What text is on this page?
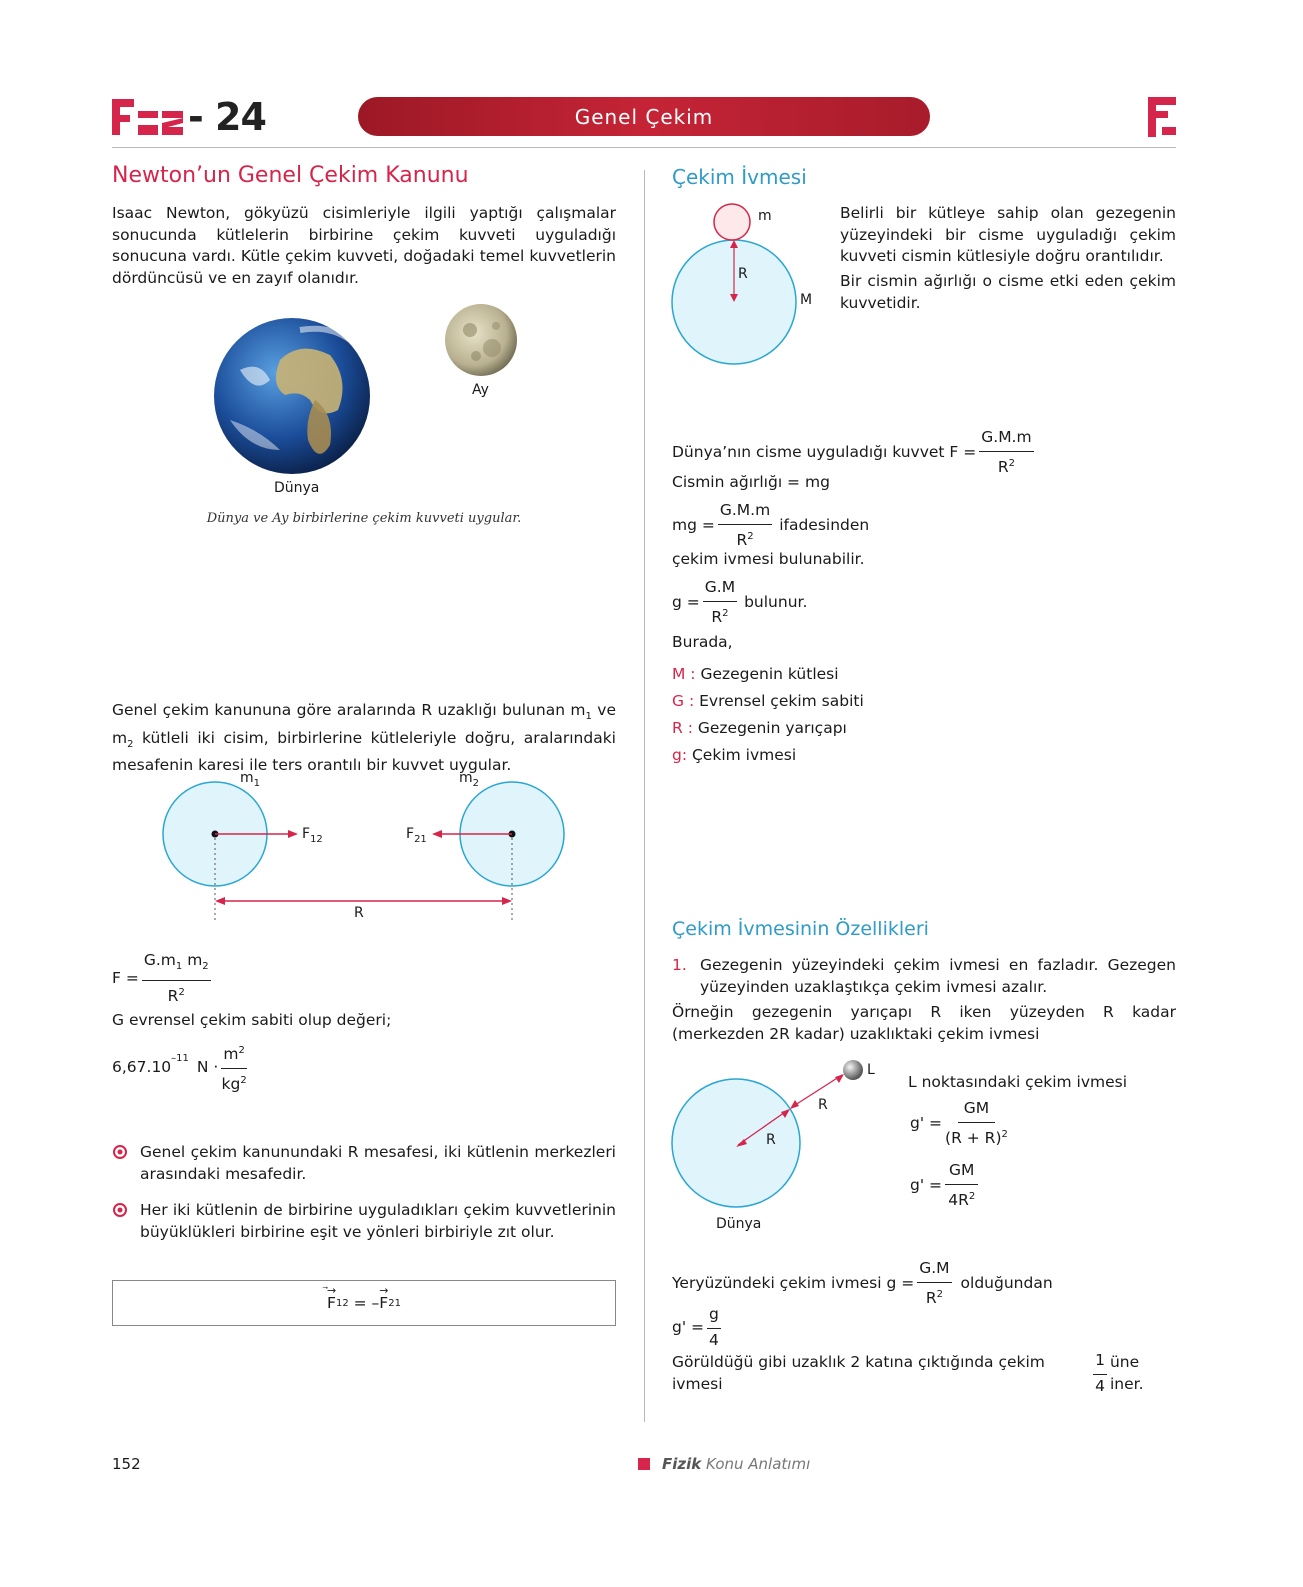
- 24	Genel Çekim
Newton’un Genel Çekim Kanunu
Isaac Newton, gökyüzü cisimleriyle ilgili yaptığı çalışmalar sonucunda kütlelerin birbirine çekim kuvveti uyguladığı sonucuna vardı. Kütle çekim kuvveti, doğadaki temel kuvvetlerin dördüncüsü ve en zayıf olanıdır.
Ay
Dünya
Dünya ve Ay birbirlerine çekim kuvveti uygular.
Genel çekim kanununa göre aralarında R uzaklığı bulunan $m_1$ ve $m_2$ kütleli iki cisim, birbirlerine kütleleriyle doğru, aralarındaki mesafenin karesi ile ters orantılı bir kuvvet uygular.
$m_1$	$m_2$
$F_{12}$	$F_{21}$
R
$F = \frac{G.m_1 m_2}{R^2}$
G evrensel çekim sabiti olup değeri;
$6,67.10^{-11}$ $N \cdot \frac{m^2}{kg^2}$
Genel çekim kanunundaki R mesafesi, iki kütlenin merkezleri arasındaki mesafedir.
Her iki kütlenin de birbirine uyguladıkları çekim kuvvetlerinin büyüklükleri birbirine eşit ve yönleri birbiriyle zıt olur.
→
F 12 = –
→
F 21
Çekim İvmesi
m
R
M
Belirli bir kütleye sahip olan gezegenin yüzeyindeki bir cisme uyguladığı çekim kuvveti cismin kütlesiyle doğru orantılıdır.
Bir cismin ağırlığı o cisme etki eden çekim kuvvetidir.
Dünya’nın cisme uyguladığı kuvvet $F = \frac{G.M.m}{R^2}$
Cismin ağırlığı = mg
mg = $\frac{G.M.m}{R^2}$ ifadesinden
çekim ivmesi bulunabilir.
$g = \frac{G.M}{R^2}$ bulunur.
Burada,
M : Gezegenin kütlesi
G : Evrensel çekim sabiti
R : Gezegenin yarıçapı
g: Çekim ivmesi
Çekim İvmesinin Özellikleri
1. Gezegenin yüzeyindeki çekim ivmesi en fazladır. Gezegen yüzeyinden uzaklaştıkça çekim ivmesi azalır.
Örneğin gezegenin yarıçapı R iken yüzeyden R kadar (merkezden 2R kadar) uzaklıktaki çekim ivmesi
L
R
R
Dünya
L noktasındaki çekim ivmesi
$g' = \frac{GM}{(R + R)^2}$
$g' = \frac{GM}{4R^2}$
Yeryüzündeki çekim ivmesi $g = \frac{G.M}{R^2}$ olduğundan
$g' = \frac{g}{4}$
Görüldüğü gibi uzaklık 2 katına çıktığında çekim ivmesi	$\frac{1}{4}$ üne iner.
152	Fizik Konu Anlatımı
